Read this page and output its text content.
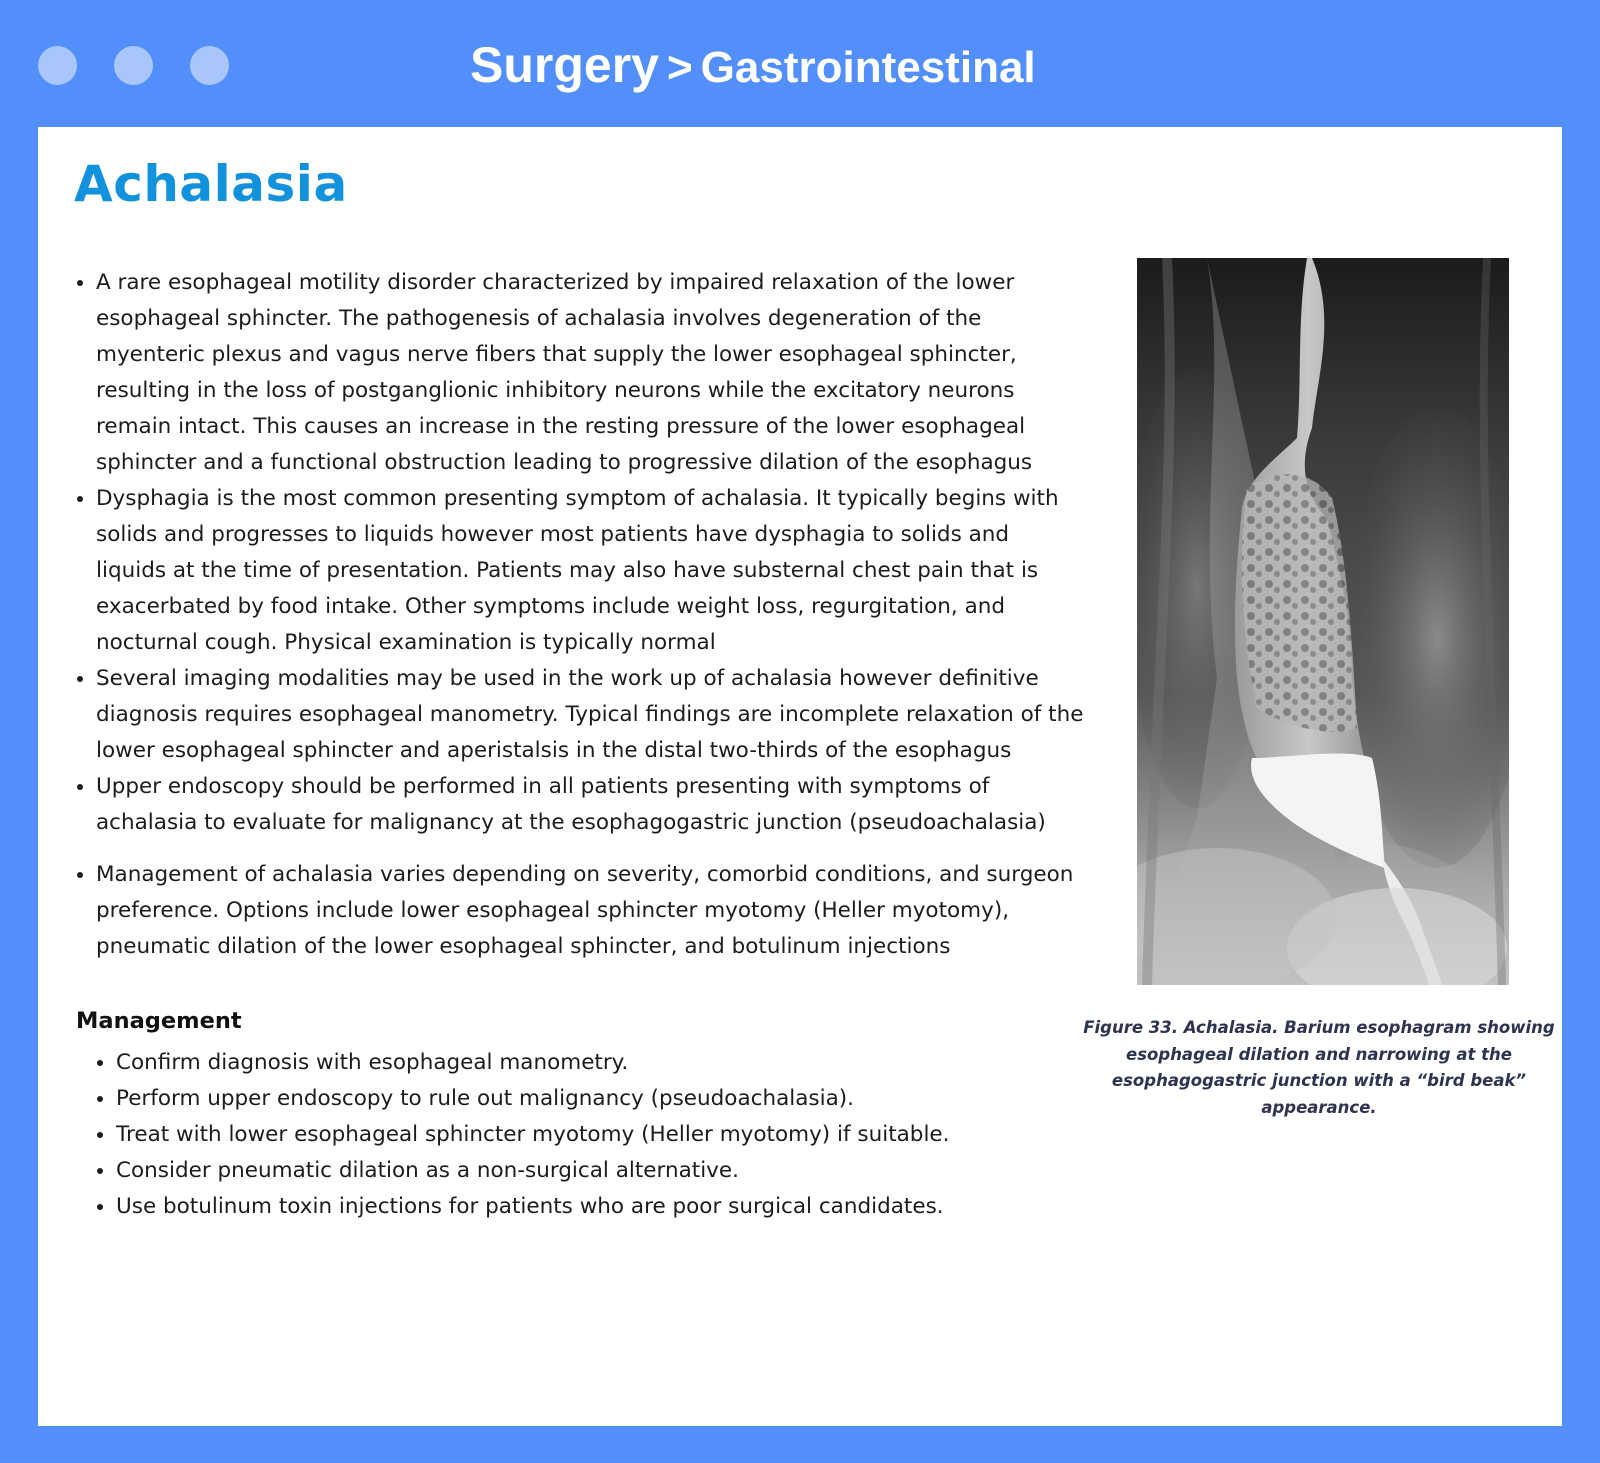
Surgery > Gastrointestinal
Achalasia
• A rare esophageal motility disorder characterized by impaired relaxation of the lower esophageal sphincter. The pathogenesis of achalasia involves degeneration of the myenteric plexus and vagus nerve fibers that supply the lower esophageal sphincter, resulting in the loss of postganglionic inhibitory neurons while the excitatory neurons remain intact. This causes an increase in the resting pressure of the lower esophageal sphincter and a functional obstruction leading to progressive dilation of the esophagus
• Dysphagia is the most common presenting symptom of achalasia. It typically begins with solids and progresses to liquids however most patients have dysphagia to solids and liquids at the time of presentation. Patients may also have substernal chest pain that is exacerbated by food intake. Other symptoms include weight loss, regurgitation, and nocturnal cough. Physical examination is typically normal
• Several imaging modalities may be used in the work up of achalasia however definitive diagnosis requires esophageal manometry. Typical findings are incomplete relaxation of the lower esophageal sphincter and aperistalsis in the distal two-thirds of the esophagus
• Upper endoscopy should be performed in all patients presenting with symptoms of achalasia to evaluate for malignancy at the esophagogastric junction (pseudoachalasia)
• Management of achalasia varies depending on severity, comorbid conditions, and surgeon preference. Options include lower esophageal sphincter myotomy (Heller myotomy), pneumatic dilation of the lower esophageal sphincter, and botulinum injections
Management
• Confirm diagnosis with esophageal manometry.
• Perform upper endoscopy to rule out malignancy (pseudoachalasia).
• Treat with lower esophageal sphincter myotomy (Heller myotomy) if suitable.
• Consider pneumatic dilation as a non-surgical alternative.
• Use botulinum toxin injections for patients who are poor surgical candidates.
Figure 33. Achalasia. Barium esophagram showing esophageal dilation and narrowing at the esophagogastric junction with a “bird beak” appearance.
